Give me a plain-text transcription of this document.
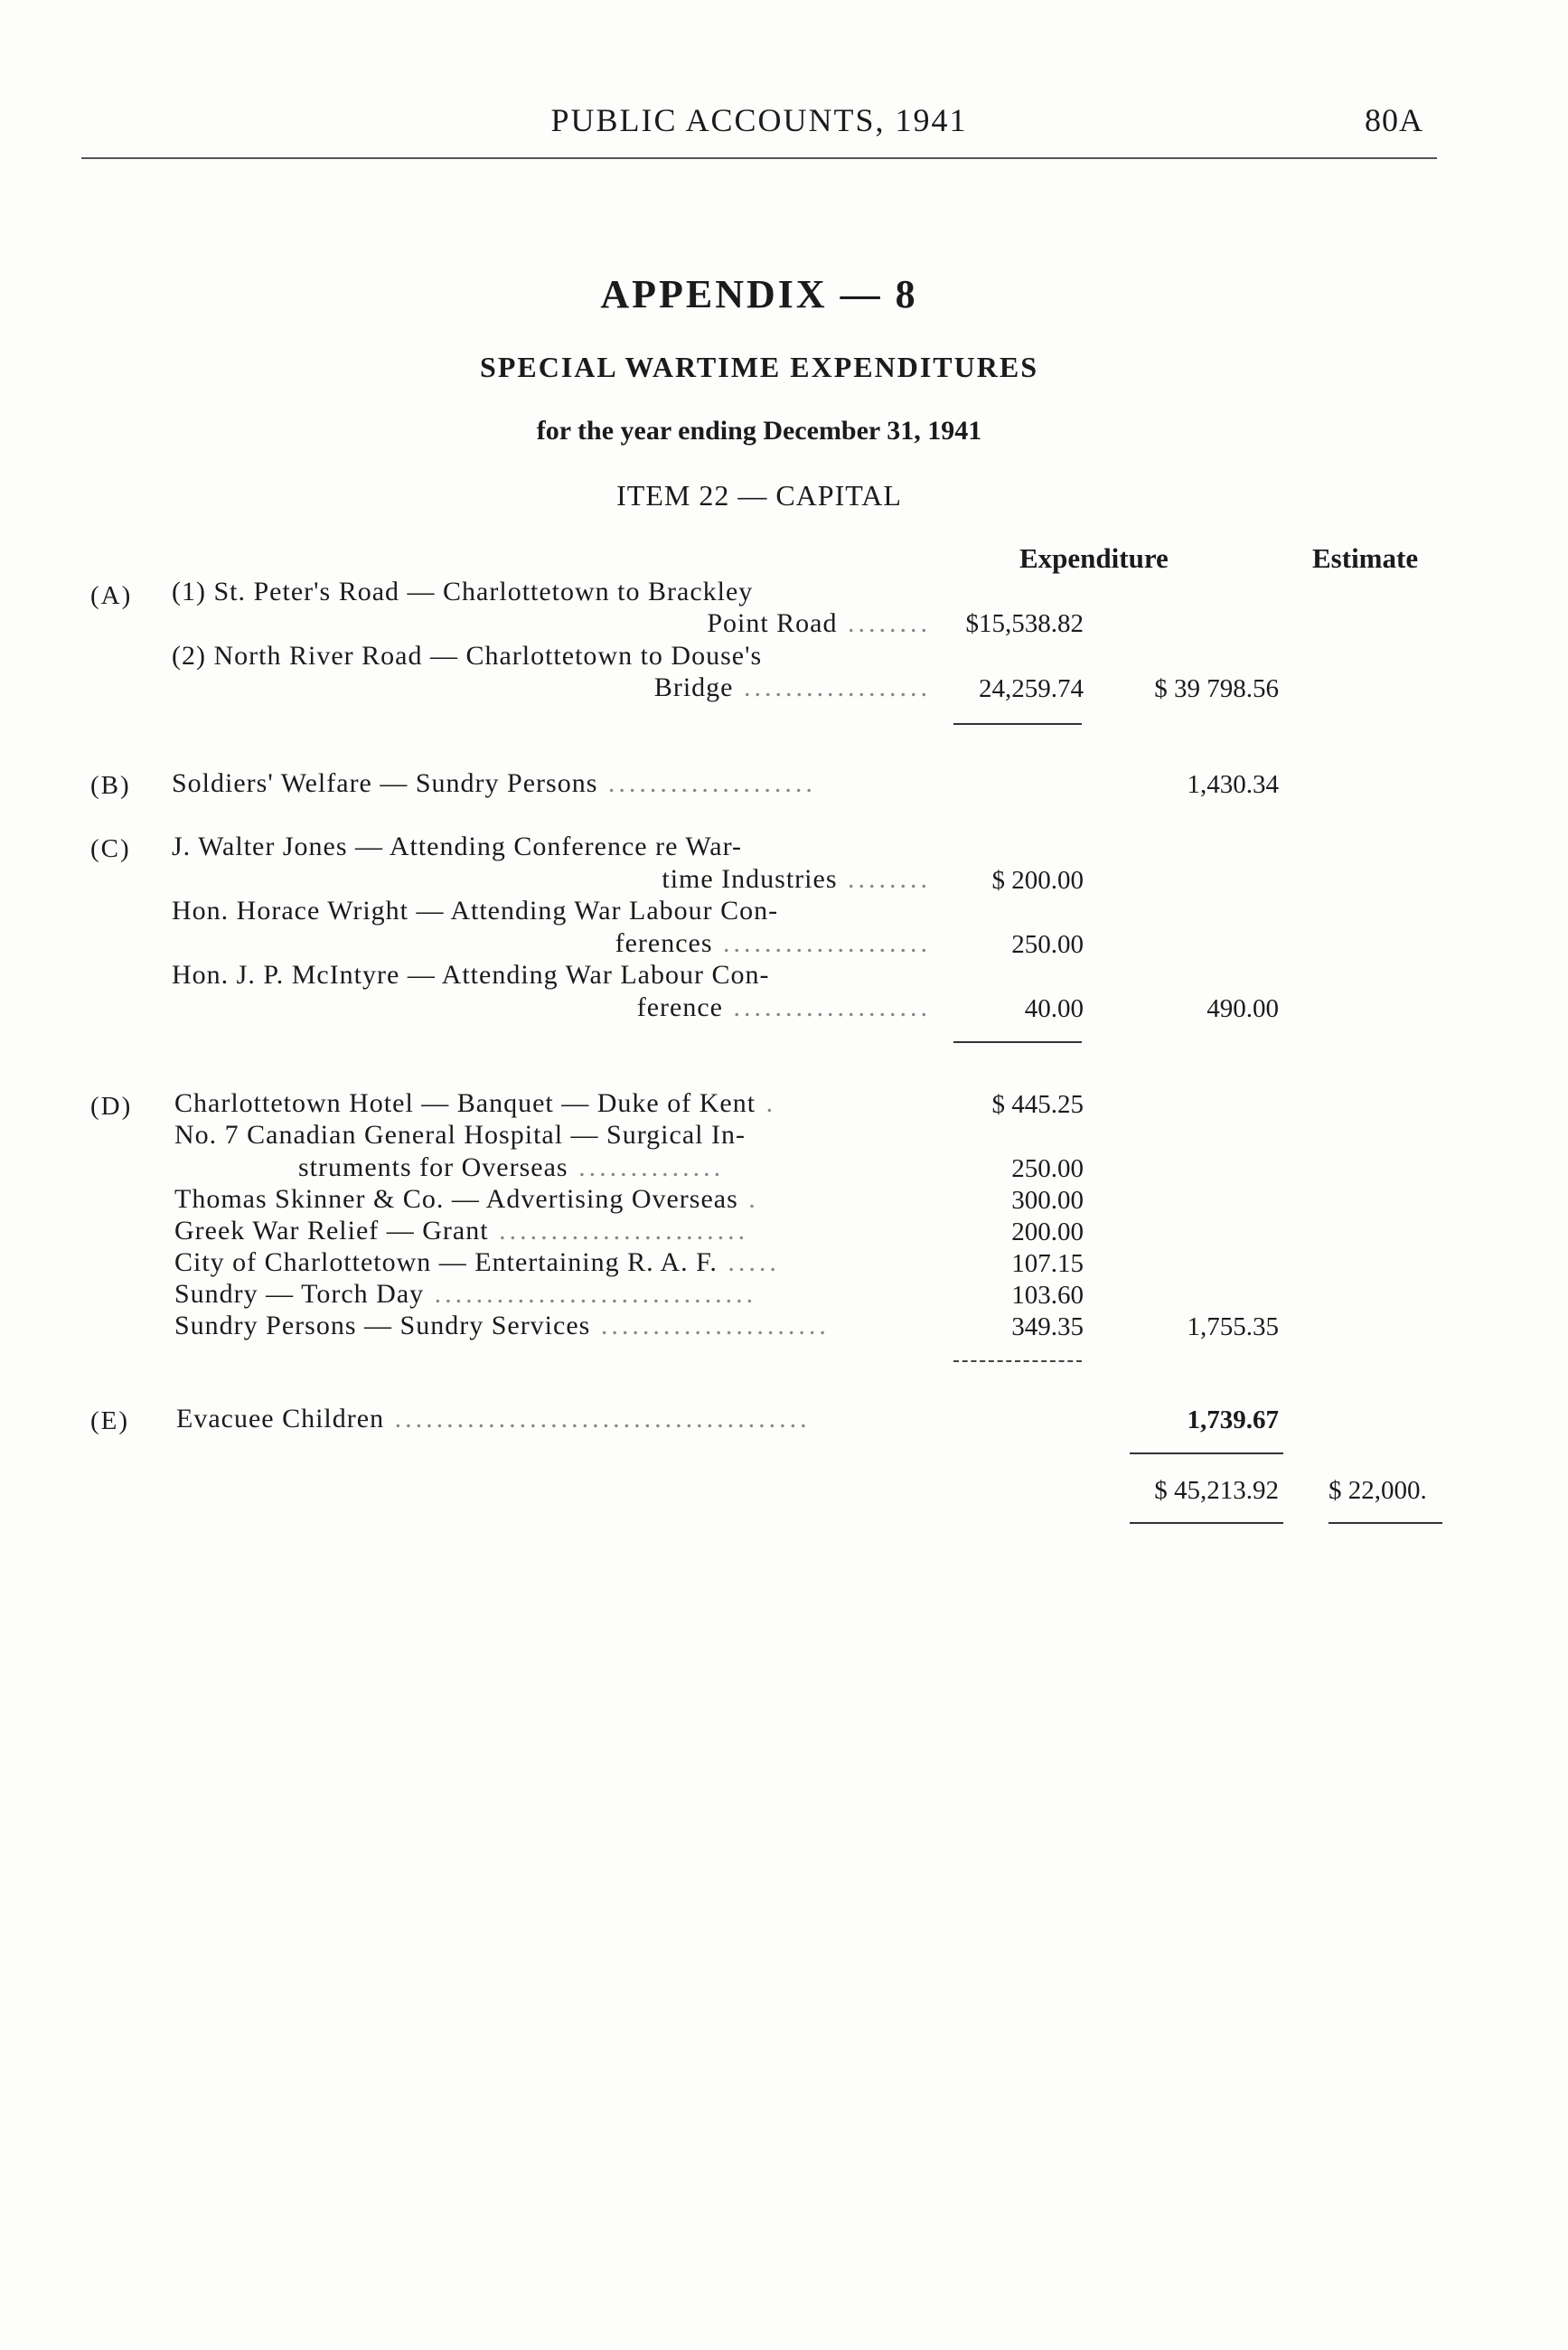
PUBLIC ACCOUNTS, 1941	80A
APPENDIX — 8
SPECIAL WARTIME EXPENDITURES
for the year ending December 31, 1941
ITEM 22 — CAPITAL
Expenditure	Estimate
(A) (1) St. Peter's Road — Charlottetown to Brackley
Point Road ........ $15,538.82
(2) North River Road — Charlottetown to Douse's
Bridge .................. 24,259.74	$ 39 798.56
(B) Soldiers' Welfare — Sundry Persons ....................	1,430.34
(C) J. Walter Jones — Attending Conference re War-
time Industries ........ $ 200.00
Hon. Horace Wright — Attending War Labour Con-
ferences ....................	250.00
Hon. J. P. McIntyre — Attending War Labour Con-
ference ...................	40.00	490.00
(D) Charlottetown Hotel — Banquet — Duke of Kent .	$ 445.25
No. 7 Canadian General Hospital — Surgical In-
struments for Overseas ..............	250.00
Thomas Skinner & Co. — Advertising Overseas .	300.00
Greek War Relief — Grant ........................	200.00
City of Charlottetown — Entertaining R. A. F. .....	107.15
Sundry — Torch Day ...............................	103.60
Sundry Persons — Sundry Services ......................	349.35	1,755.35
(E) Evacuee Children ........................................	1,739.67
$ 45,213.92 $ 22,000.
